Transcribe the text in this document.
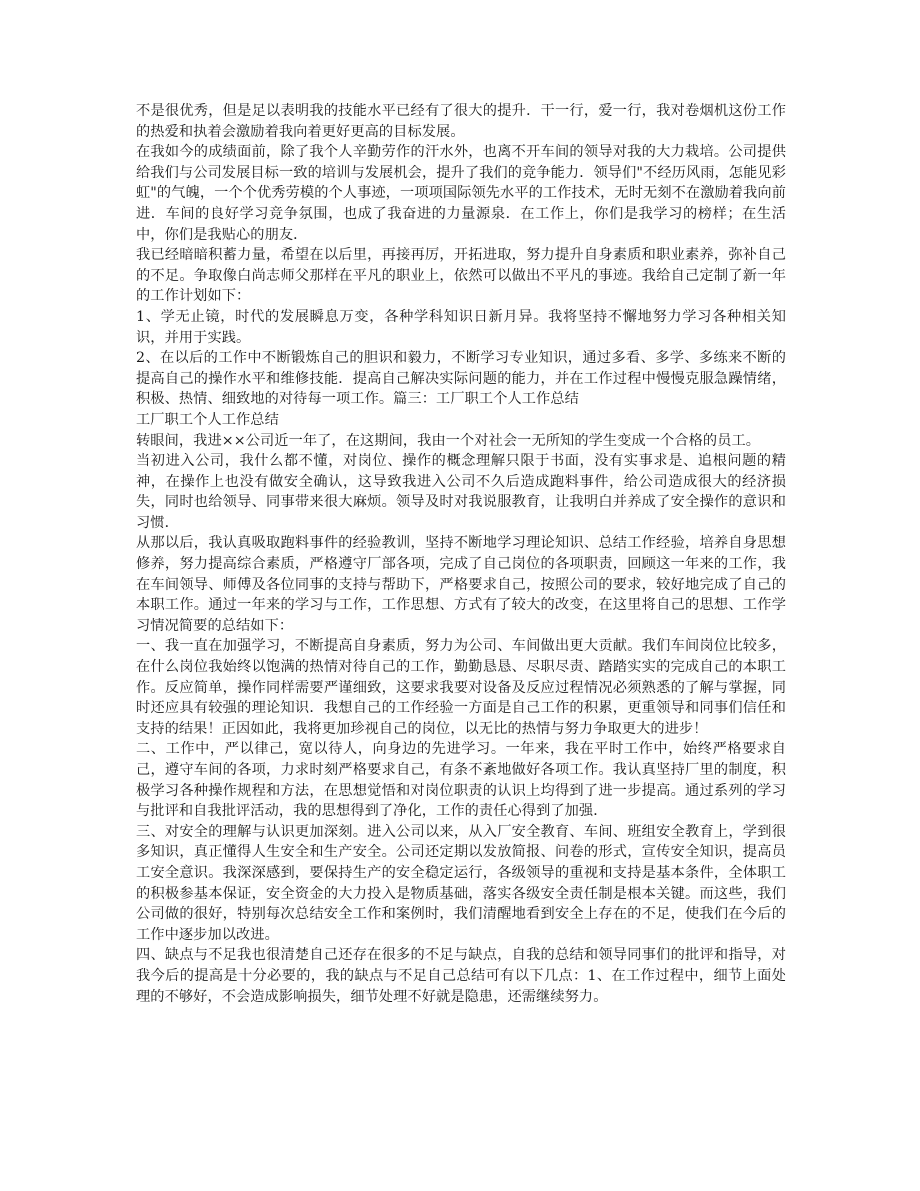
不是很优秀，但是足以表明我的技能水平已经有了很大的提升．干一行，爱一行，我对卷烟机这份工作的热爱和执着会激励着我向着更好更高的目标发展。

在我如今的成绩面前，除了我个人辛勤劳作的汗水外，也离不开车间的领导对我的大力栽培。公司提供给我们与公司发展目标一致的培训与发展机会，提升了我们的竞争能力．领导们"不经历风雨，怎能见彩虹"的气魄，一个个优秀劳模的个人事迹，一项项国际领先水平的工作技术，无时无刻不在激励着我向前进．车间的良好学习竞争氛围，也成了我奋进的力量源泉．在工作上，你们是我学习的榜样；在生活中，你们是我贴心的朋友．

我已经暗暗积蓄力量，希望在以后里，再接再厉，开拓进取，努力提升自身素质和职业素养，弥补自己的不足。争取像白尚志师父那样在平凡的职业上，依然可以做出不平凡的事迹。我给自己定制了新一年的工作计划如下：

1、学无止镜，时代的发展瞬息万变，各种学科知识日新月异。我将坚持不懈地努力学习各种相关知识，并用于实践。

2、在以后的工作中不断锻炼自己的胆识和毅力，不断学习专业知识，通过多看、多学、多练来不断的提高自己的操作水平和维修技能．提高自己解决实际问题的能力，并在工作过程中慢慢克服急躁情绪，积极、热情、细致地的对待每一项工作。篇三：工厂职工个人工作总结

工厂职工个人工作总结

转眼间，我进××公司近一年了，在这期间，我由一个对社会一无所知的学生变成一个合格的员工。

当初进入公司，我什么都不懂，对岗位、操作的概念理解只限于书面，没有实事求是、追根问题的精神，在操作上也没有做安全确认，这导致我进入公司不久后造成跑料事件，给公司造成很大的经济损失，同时也给领导、同事带来很大麻烦。领导及时对我说服教育，让我明白并养成了安全操作的意识和习惯．

从那以后，我认真吸取跑料事件的经验教训，坚持不断地学习理论知识、总结工作经验，培养自身思想修养，努力提高综合素质，严格遵守厂部各项，完成了自己岗位的各项职责，回顾这一年来的工作，我在车间领导、师傅及各位同事的支持与帮助下，严格要求自己，按照公司的要求，较好地完成了自己的本职工作。通过一年来的学习与工作，工作思想、方式有了较大的改变，在这里将自己的思想、工作学习情况简要的总结如下：

一、我一直在加强学习，不断提高自身素质，努力为公司、车间做出更大贡献。我们车间岗位比较多，在什么岗位我始终以饱满的热情对待自己的工作，勤勤恳恳、尽职尽责、踏踏实实的完成自己的本职工作。反应简单，操作同样需要严谨细致，这要求我要对设备及反应过程情况必须熟悉的了解与掌握，同时还应具有较强的理论知识．我想自己的工作经验一方面是自己工作的积累，更重领导和同事们信任和支持的结果！正因如此，我将更加珍视自己的岗位，以无比的热情与努力争取更大的进步！

二、工作中，严以律己，宽以待人，向身边的先进学习。一年来，我在平时工作中，始终严格要求自己，遵守车间的各项，力求时刻严格要求自己，有条不紊地做好各项工作。我认真坚持厂里的制度，积极学习各种操作规程和方法，在思想觉悟和对岗位职责的认识上均得到了进一步提高。通过系列的学习与批评和自我批评活动，我的思想得到了净化，工作的责任心得到了加强．

三、对安全的理解与认识更加深刻。进入公司以来，从入厂安全教育、车间、班组安全教育上，学到很多知识，真正懂得人生安全和生产安全。公司还定期以发放简报、问卷的形式，宣传安全知识，提高员工安全意识。我深深感到，要保持生产的安全稳定运行，各级领导的重视和支持是基本条件，全体职工的积极参基本保证，安全资金的大力投入是物质基础，落实各级安全责任制是根本关键。而这些，我们公司做的很好，特别每次总结安全工作和案例时，我们清醒地看到安全上存在的不足，使我们在今后的工作中逐步加以改进。

四、缺点与不足我也很清楚自己还存在很多的不足与缺点，自我的总结和领导同事们的批评和指导，对我今后的提高是十分必要的，我的缺点与不足自己总结可有以下几点：1、在工作过程中，细节上面处理的不够好，不会造成影响损失，细节处理不好就是隐患，还需继续努力。
